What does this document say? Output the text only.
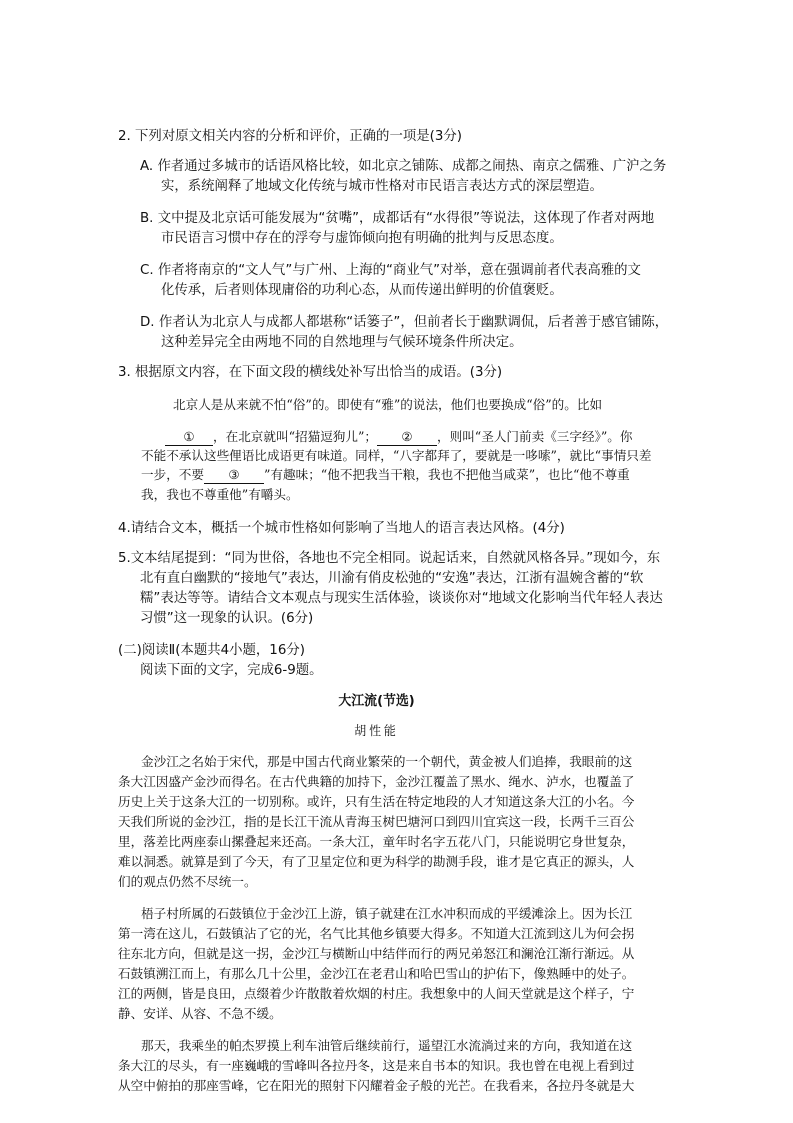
2. 下列对原文相关内容的分析和评价，正确的一项是(3分)
A. 作者通过多城市的话语风格比较，如北京之铺陈、成都之闹热、南京之儒雅、广沪之务
实，系统阐释了地域文化传统与城市性格对市民语言表达方式的深层塑造。
B. 文中提及北京话可能发展为“贫嘴”，成都话有“水得很”等说法，这体现了作者对两地
市民语言习惯中存在的浮夸与虚饰倾向抱有明确的批判与反思态度。
C. 作者将南京的“文人气”与广州、上海的“商业气”对举，意在强调前者代表高雅的文
化传承，后者则体现庸俗的功利心态，从而传递出鲜明的价值褒贬。
D. 作者认为北京人与成都人都堪称“话篓子”，但前者长于幽默调侃，后者善于感官铺陈，
这种差异完全由两地不同的自然地理与气候环境条件所决定。
3. 根据原文内容，在下面文段的横线处补写出恰当的成语。(3分)
北京人是从来就不怕“俗”的。即使有“雅”的说法，他们也要换成“俗”的。比如
① ，在北京就叫“招猫逗狗儿”； ② ，则叫“圣人门前卖《三字经》”。你
不能不承认这些俚语比成语更有味道。同样，“八字都拜了，要就是一哆嗦”，就比“事情只差
一步，不要 ③ ”有趣味；“他不把我当干粮，我也不把他当咸菜”，也比“他不尊重
我，我也不尊重他”有嚼头。
4.请结合文本，概括一个城市性格如何影响了当地人的语言表达风格。(4分)
5.文本结尾提到：“同为世俗，各地也不完全相同。说起话来，自然就风格各异。”现如今，东
北有直白幽默的“接地气”表达，川渝有俏皮松弛的“安逸”表达，江浙有温婉含蓄的“软
糯”表达等等。请结合文本观点与现实生活体验，谈谈你对“地域文化影响当代年轻人表达
习惯”这一现象的认识。(6分)
(二)阅读Ⅱ(本题共4小题，16分)
阅读下面的文字，完成6-9题。
大江流(节选)
胡性能
金沙江之名始于宋代，那是中国古代商业繁荣的一个朝代，黄金被人们追捧，我眼前的这
条大江因盛产金沙而得名。在古代典籍的加持下，金沙江覆盖了黑水、绳水、泸水，也覆盖了
历史上关于这条大江的一切别称。或许，只有生活在特定地段的人才知道这条大江的小名。今
天我们所说的金沙江，指的是长江干流从青海玉树巴塘河口到四川宜宾这一段，长两千三百公
里，落差比两座泰山摞叠起来还高。一条大江，童年时名字五花八门，只能说明它身世复杂，
难以洞悉。就算是到了今天，有了卫星定位和更为科学的勘测手段，谁才是它真正的源头，人
们的观点仍然不尽统一。
梧子村所属的石鼓镇位于金沙江上游，镇子就建在江水冲积而成的平缓滩涂上。因为长江
第一湾在这儿，石鼓镇沾了它的光，名气比其他乡镇要大得多。不知道大江流到这儿为何会拐
往东北方向，但就是这一拐，金沙江与横断山中结伴而行的两兄弟怒江和澜沧江渐行渐远。从
石鼓镇溯江而上，有那么几十公里，金沙江在老君山和哈巴雪山的护佑下，像熟睡中的处子。
江的两侧，皆是良田，点缀着少许散散着炊烟的村庄。我想象中的人间天堂就是这个样子，宁
静、安详、从容、不急不缓。
那天，我乘坐的帕杰罗摸上利车油管后继续前行，遥望江水流淌过来的方向，我知道在这
条大江的尽头，有一座巍峨的雪峰叫各拉丹冬，这是来自书本的知识。我也曾在电视上看到过
从空中俯拍的那座雪峰，它在阳光的照射下闪耀着金子般的光芒。在我看来，各拉丹冬就是大
